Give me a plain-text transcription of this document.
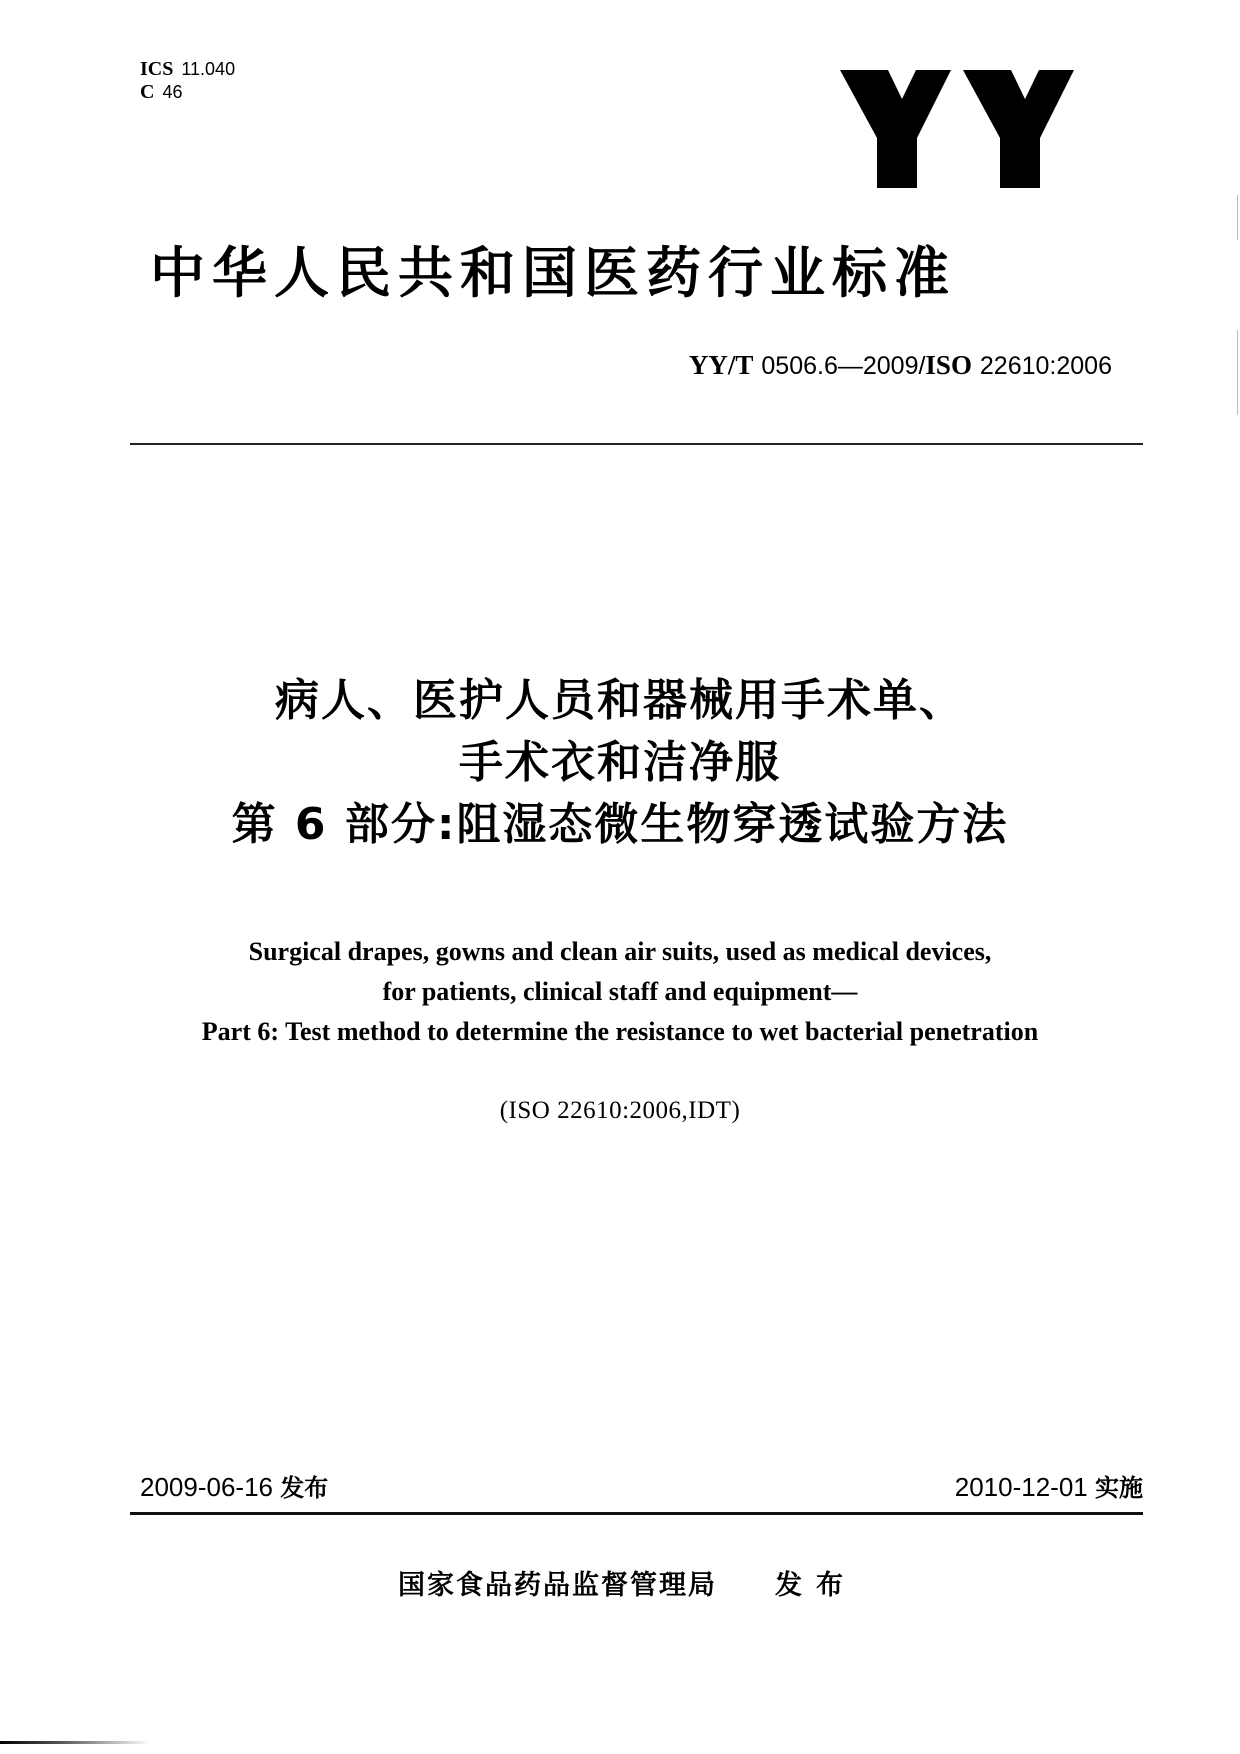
ICS 11.040
C 46
中华人民共和国医药行业标准
YY/T 0506.6—2009/ISO 22610:2006
病人、医护人员和器械用手术单、
手术衣和洁净服
第 6 部分:阻湿态微生物穿透试验方法
Surgical drapes, gowns and clean air suits, used as medical devices,
for patients, clinical staff and equipment—
Part 6: Test method to determine the resistance to wet bacterial penetration
(ISO 22610:2006,IDT)
2009-06-16 发布	2010-12-01 实施
国家食品药品监督管理局 发布
